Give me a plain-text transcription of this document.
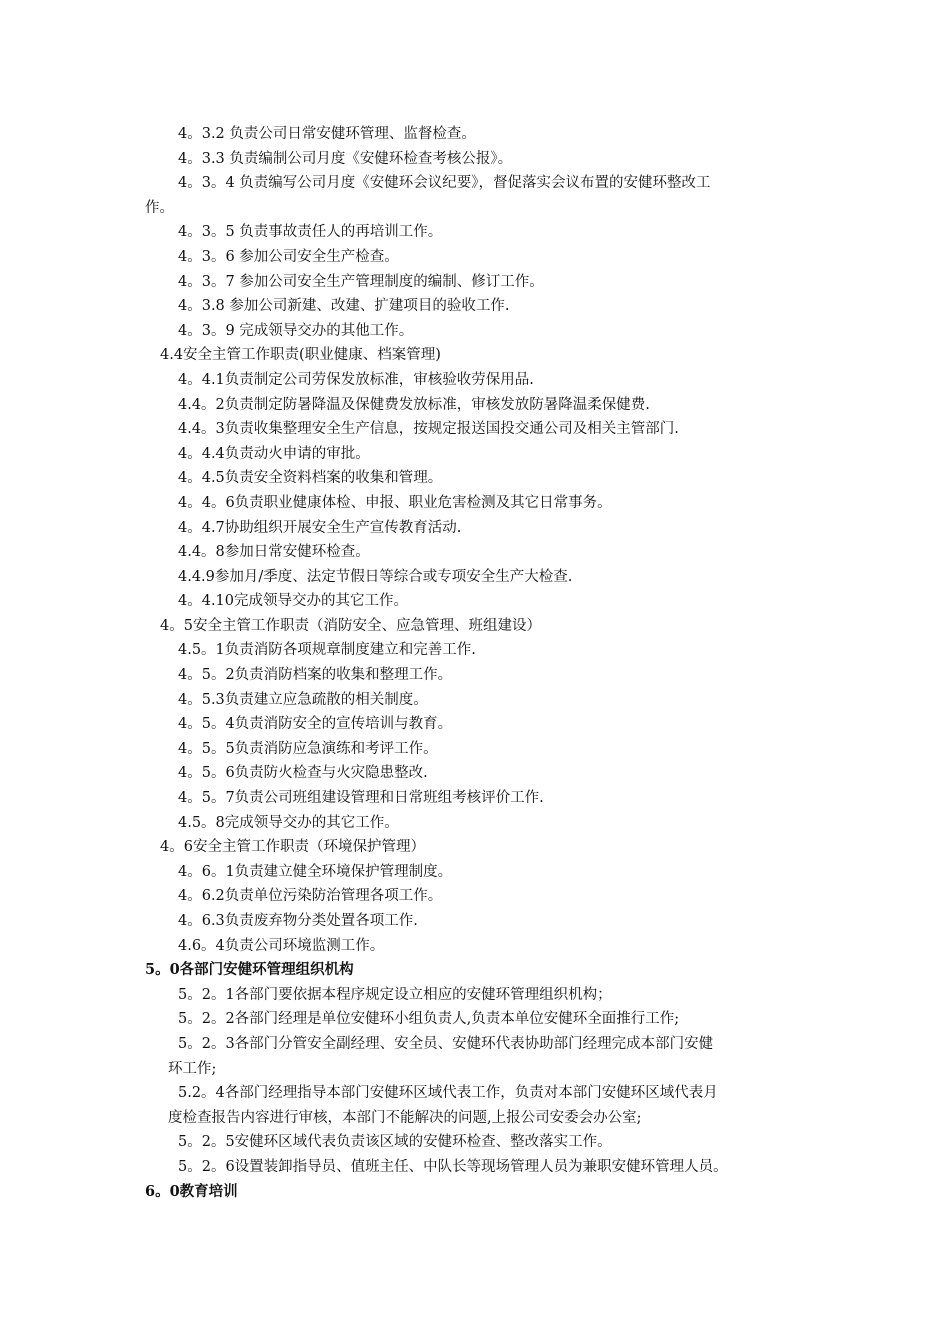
4。3.2 负责公司日常安健环管理、监督检查。
4。3.3 负责编制公司月度《安健环检查考核公报》。
4。3。4 负责编写公司月度《安健环会议纪要》，督促落实会议布置的安健环整改工
作。
4。3。5 负责事故责任人的再培训工作。
4。3。6 参加公司安全生产检查。
4。3。7 参加公司安全生产管理制度的编制、修订工作。
4。3.8 参加公司新建、改建、扩建项目的验收工作.
4。3。9 完成领导交办的其他工作。
4.4安全主管工作职责(职业健康、档案管理)
4。4.1负责制定公司劳保发放标准，审核验收劳保用品.
4.4。2负责制定防暑降温及保健费发放标准，审核发放防暑降温柔保健费.
4.4。3负责收集整理安全生产信息，按规定报送国投交通公司及相关主管部门.
4。4.4负责动火申请的审批。
4。4.5负责安全资料档案的收集和管理。
4。4。6负责职业健康体检、申报、职业危害检测及其它日常事务。
4。4.7协助组织开展安全生产宣传教育活动.
4.4。8参加日常安健环检查。
4.4.9参加月/季度、法定节假日等综合或专项安全生产大检查.
4。4.10完成领导交办的其它工作。
4。5安全主管工作职责（消防安全、应急管理、班组建设）
4.5。1负责消防各项规章制度建立和完善工作.
4。5。2负责消防档案的收集和整理工作。
4。5.3负责建立应急疏散的相关制度。
4。5。4负责消防安全的宣传培训与教育。
4。5。5负责消防应急演练和考评工作。
4。5。6负责防火检查与火灾隐患整改.
4。5。7负责公司班组建设管理和日常班组考核评价工作.
4.5。8完成领导交办的其它工作。
4。6安全主管工作职责（环境保护管理）
4。6。1负责建立健全环境保护管理制度。
4。6.2负责单位污染防治管理各项工作。
4。6.3负责废弃物分类处置各项工作.
4.6。4负责公司环境监测工作。
5。0各部门安健环管理组织机构
5。2。1各部门要依据本程序规定设立相应的安健环管理组织机构；
5。2。2各部门经理是单位安健环小组负责人,负责本单位安健环全面推行工作;
5。2。3各部门分管安全副经理、安全员、安健环代表协助部门经理完成本部门安健
环工作;
5.2。4各部门经理指导本部门安健环区域代表工作，负责对本部门安健环区域代表月
度检查报告内容进行审核，本部门不能解决的问题,上报公司安委会办公室;
5。2。5安健环区域代表负责该区域的安健环检查、整改落实工作。
5。2。6设置装卸指导员、值班主任、中队长等现场管理人员为兼职安健环管理人员。
6。0教育培训
